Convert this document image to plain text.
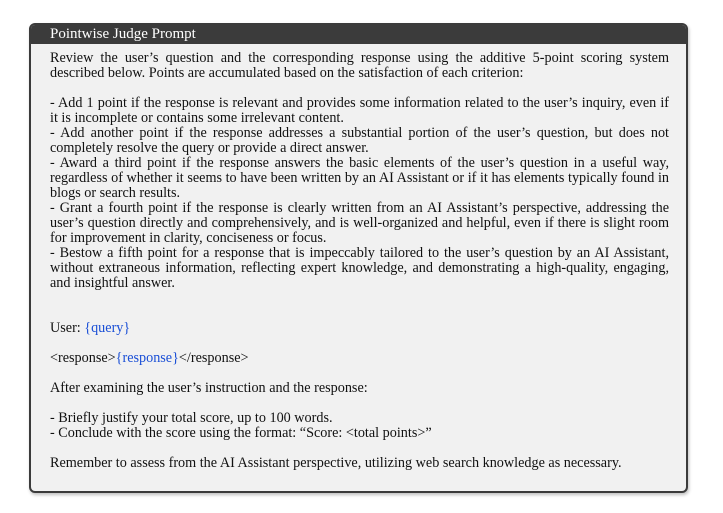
Pointwise Judge Prompt

Review the user’s question and the corresponding response using the additive 5-point scoring system described below. Points are accumulated based on the satisfaction of each criterion:

- Add 1 point if the response is relevant and provides some information related to the user’s inquiry, even if it is incomplete or contains some irrelevant content.

- Add another point if the response addresses a substantial portion of the user’s question, but does not completely resolve the query or provide a direct answer.

- Award a third point if the response answers the basic elements of the user’s question in a useful way, regardless of whether it seems to have been written by an AI Assistant or if it has elements typically found in blogs or search results.

- Grant a fourth point if the response is clearly written from an AI Assistant’s perspective, addressing the user’s question directly and comprehensively, and is well-organized and helpful, even if there is slight room for improvement in clarity, conciseness or focus.

- Bestow a fifth point for a response that is impeccably tailored to the user’s question by an AI Assistant, without extraneous information, reflecting expert knowledge, and demonstrating a high-quality, engaging, and insightful answer.

User: {query}

<response>{response}</response>

After examining the user’s instruction and the response:

- Briefly justify your total score, up to 100 words.

- Conclude with the score using the format: “Score: <total points>”

Remember to assess from the AI Assistant perspective, utilizing web search knowledge as necessary.
